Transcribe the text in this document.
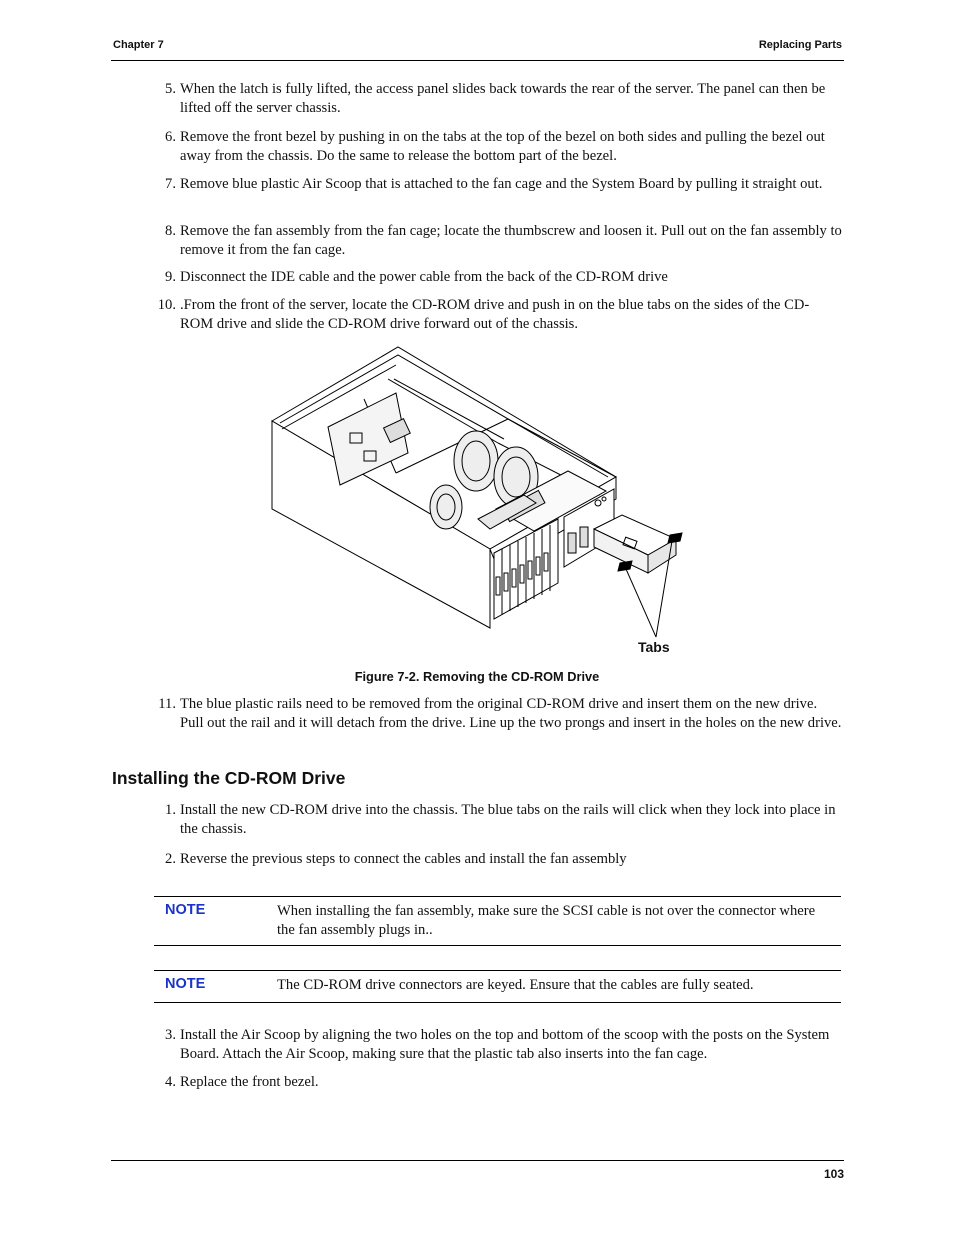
Chapter 7	Replacing Parts
5. When the latch is fully lifted, the access panel slides back towards the rear of the server. The panel can then be lifted off the server chassis.
6. Remove the front bezel by pushing in on the tabs at the top of the bezel on both sides and pulling the bezel out away from the chassis. Do the same to release the bottom part of the bezel.
7. Remove blue plastic Air Scoop that is attached to the fan cage and the System Board by pulling it straight out.
8. Remove the fan assembly from the fan cage; locate the thumbscrew and loosen it. Pull out on the fan assembly to remove it from the fan cage.
9. Disconnect the IDE cable and the power cable from the back of the CD-ROM drive
10. .From the front of the server, locate the CD-ROM drive and push in on the blue tabs on the sides of the CD-ROM drive and slide the CD-ROM drive forward out of the chassis.
Tabs
Figure 7-2. Removing the CD-ROM Drive
11. The blue plastic rails need to be removed from the original CD-ROM drive and insert them on the new drive. Pull out the rail and it will detach from the drive. Line up the two prongs and insert in the holes on the new drive.
Installing the CD-ROM Drive
1. Install the new CD-ROM drive into the chassis. The blue tabs on the rails will click when they lock into place in the chassis.
2. Reverse the previous steps to connect the cables and install the fan assembly
NOTE	When installing the fan assembly, make sure the SCSI cable is not over the connector where the fan assembly plugs in..
NOTE	The CD-ROM drive connectors are keyed. Ensure that the cables are fully seated.
3. Install the Air Scoop by aligning the two holes on the top and bottom of the scoop with the posts on the System Board. Attach the Air Scoop, making sure that the plastic tab also inserts into the fan cage.
4. Replace the front bezel.
103
